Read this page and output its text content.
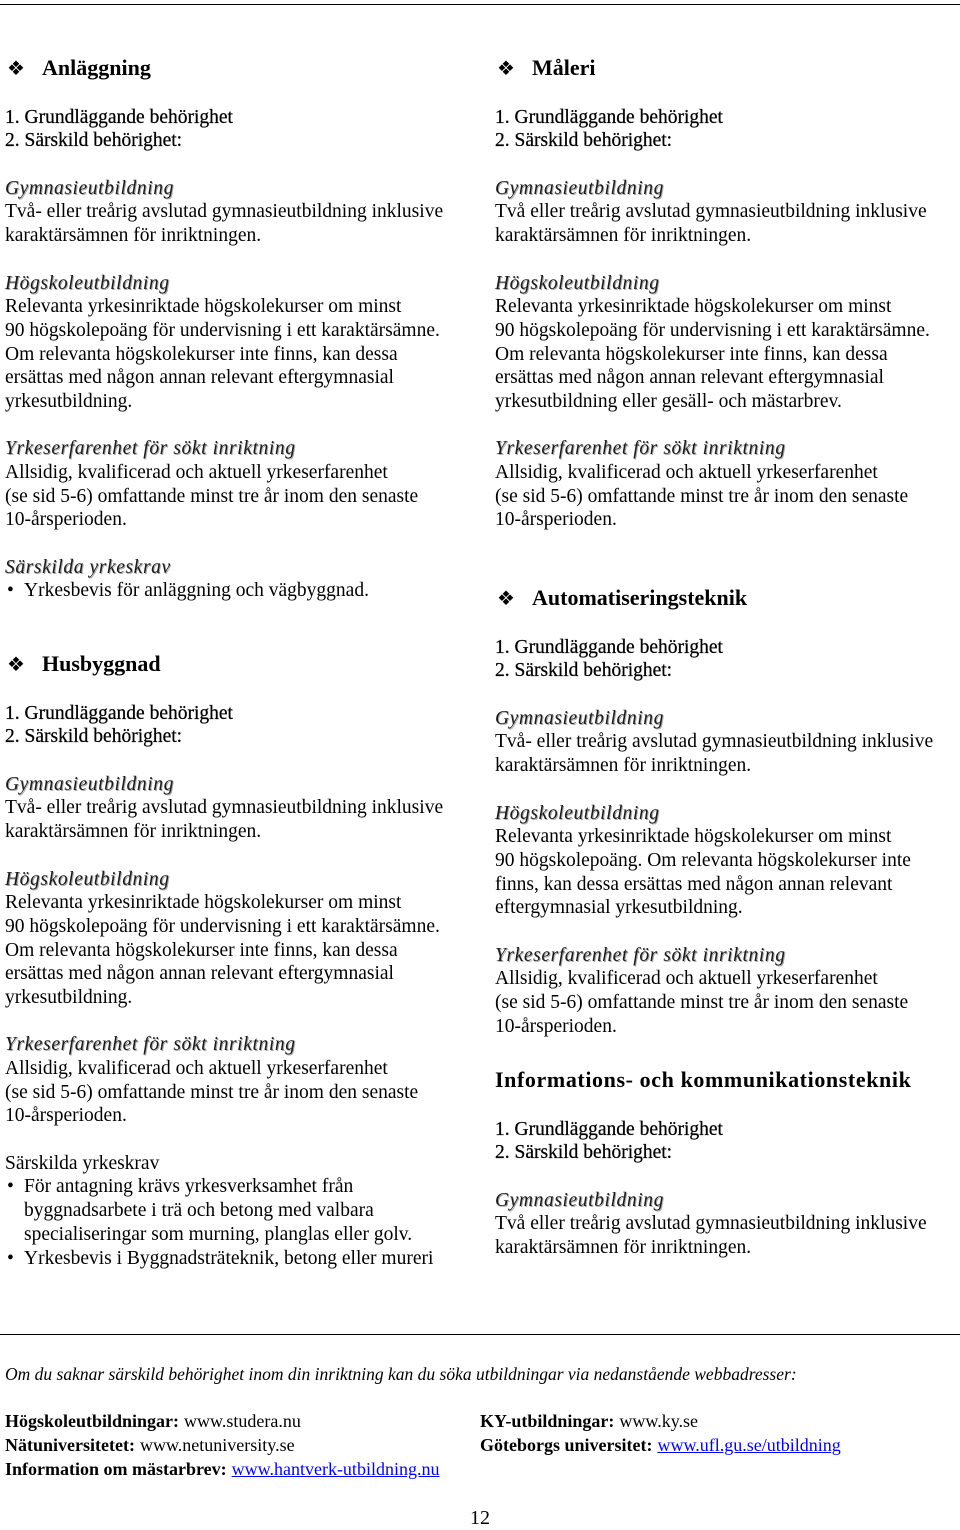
❖ Anläggning
1. Grundläggande behörighet
2. Särskild behörighet:
Gymnasieutbildning
Två- eller treårig avslutad gymnasieutbildning inklusive
karaktärsämnen för inriktningen.
Högskoleutbildning
Relevanta yrkesinriktade högskolekurser om minst
90 högskolepoäng för undervisning i ett karaktärsämne.
Om relevanta högskolekurser inte finns, kan dessa
ersättas med någon annan relevant eftergymnasial
yrkesutbildning.
Yrkeserfarenhet för sökt inriktning
Allsidig, kvalificerad och aktuell yrkeserfarenhet
(se sid 5-6) omfattande minst tre år inom den senaste
10-årsperioden.
Särskilda yrkeskrav
• Yrkesbevis för anläggning och vägbyggnad.
❖ Husbyggnad
1. Grundläggande behörighet
2. Särskild behörighet:
Gymnasieutbildning
Två- eller treårig avslutad gymnasieutbildning inklusive
karaktärsämnen för inriktningen.
Högskoleutbildning
Relevanta yrkesinriktade högskolekurser om minst
90 högskolepoäng för undervisning i ett karaktärsämne.
Om relevanta högskolekurser inte finns, kan dessa
ersättas med någon annan relevant eftergymnasial
yrkesutbildning.
Yrkeserfarenhet för sökt inriktning
Allsidig, kvalificerad och aktuell yrkeserfarenhet
(se sid 5-6) omfattande minst tre år inom den senaste
10-årsperioden.
Särskilda yrkeskrav
• För antagning krävs yrkesverksamhet från
byggnadsarbete i trä och betong med valbara
specialiseringar som murning, planglas eller golv.
• Yrkesbevis i Byggnadsträteknik, betong eller mureri
❖ Måleri
1. Grundläggande behörighet
2. Särskild behörighet:
Gymnasieutbildning
Två eller treårig avslutad gymnasieutbildning inklusive
karaktärsämnen för inriktningen.
Högskoleutbildning
Relevanta yrkesinriktade högskolekurser om minst
90 högskolepoäng för undervisning i ett karaktärsämne.
Om relevanta högskolekurser inte finns, kan dessa
ersättas med någon annan relevant eftergymnasial
yrkesutbildning eller gesäll- och mästarbrev.
Yrkeserfarenhet för sökt inriktning
Allsidig, kvalificerad och aktuell yrkeserfarenhet
(se sid 5-6) omfattande minst tre år inom den senaste
10-årsperioden.
❖ Automatiseringsteknik
1. Grundläggande behörighet
2. Särskild behörighet:
Gymnasieutbildning
Två- eller treårig avslutad gymnasieutbildning inklusive
karaktärsämnen för inriktningen.
Högskoleutbildning
Relevanta yrkesinriktade högskolekurser om minst
90 högskolepoäng. Om relevanta högskolekurser inte
finns, kan dessa ersättas med någon annan relevant
eftergymnasial yrkesutbildning.
Yrkeserfarenhet för sökt inriktning
Allsidig, kvalificerad och aktuell yrkeserfarenhet
(se sid 5-6) omfattande minst tre år inom den senaste
10-årsperioden.
Informations- och kommunikationsteknik
1. Grundläggande behörighet
2. Särskild behörighet:
Gymnasieutbildning
Två eller treårig avslutad gymnasieutbildning inklusive
karaktärsämnen för inriktningen.
Om du saknar särskild behörighet inom din inriktning kan du söka utbildningar via nedanstående webbadresser:
Högskoleutbildningar: www.studera.nu	KY-utbildningar: www.ky.se
Nätuniversitetet: www.netuniversity.se	Göteborgs universitet: www.ufl.gu.se/utbildning
Information om mästarbrev: www.hantverk-utbildning.nu
12
